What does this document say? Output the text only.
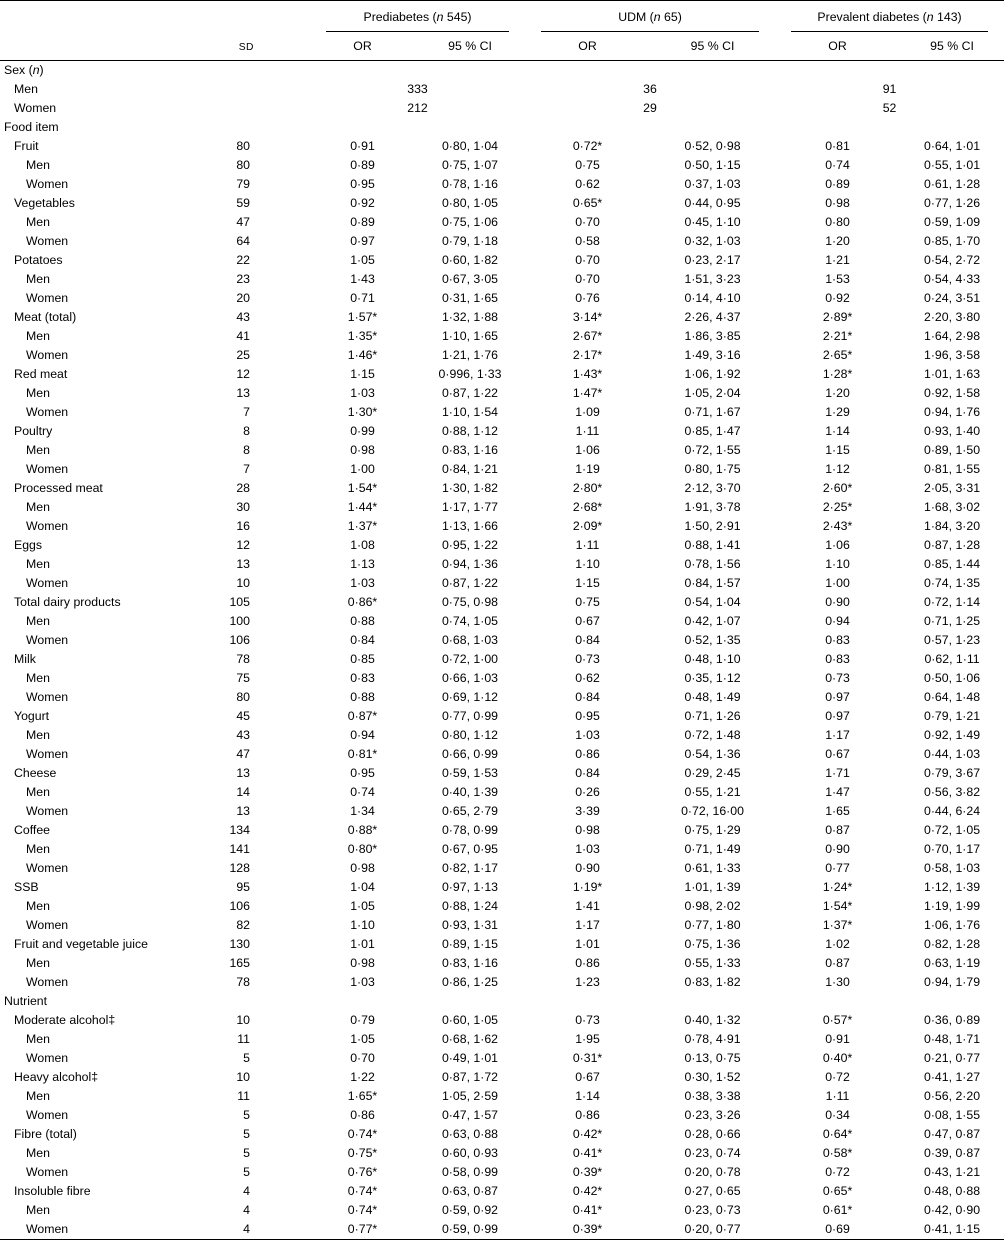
		Prediabetes (n 545)		UDM (n 65)		Prevalent diabetes (n 143)	

	SD	OR	95 % CI	OR	95 % CI	OR	95 % CI
Sex (n)							
Men		333		36		91	
Women		212		29		52	
Food item							
Fruit	80	0·91	0·80, 1·04	0·72*	0·52, 0·98	0·81	0·64, 1·01
Men	80	0·89	0·75, 1·07	0·75	0·50, 1·15	0·74	0·55, 1·01
Women	79	0·95	0·78, 1·16	0·62	0·37, 1·03	0·89	0·61, 1·28
Vegetables	59	0·92	0·80, 1·05	0·65*	0·44, 0·95	0·98	0·77, 1·26
Men	47	0·89	0·75, 1·06	0·70	0·45, 1·10	0·80	0·59, 1·09
Women	64	0·97	0·79, 1·18	0·58	0·32, 1·03	1·20	0·85, 1·70
Potatoes	22	1·05	0·60, 1·82	0·70	0·23, 2·17	1·21	0·54, 2·72
Men	23	1·43	0·67, 3·05	0·70	1·51, 3·23	1·53	0·54, 4·33
Women	20	0·71	0·31, 1·65	0·76	0·14, 4·10	0·92	0·24, 3·51
Meat (total)	43	1·57*	1·32, 1·88	3·14*	2·26, 4·37	2·89*	2·20, 3·80
Men	41	1·35*	1·10, 1·65	2·67*	1·86, 3·85	2·21*	1·64, 2·98
Women	25	1·46*	1·21, 1·76	2·17*	1·49, 3·16	2·65*	1·96, 3·58
Red meat	12	1·15	0·996, 1·33	1·43*	1·06, 1·92	1·28*	1·01, 1·63
Men	13	1·03	0·87, 1·22	1·47*	1·05, 2·04	1·20	0·92, 1·58
Women	7	1·30*	1·10, 1·54	1·09	0·71, 1·67	1·29	0·94, 1·76
Poultry	8	0·99	0·88, 1·12	1·11	0·85, 1·47	1·14	0·93, 1·40
Men	8	0·98	0·83, 1·16	1·06	0·72, 1·55	1·15	0·89, 1·50
Women	7	1·00	0·84, 1·21	1·19	0·80, 1·75	1·12	0·81, 1·55
Processed meat	28	1·54*	1·30, 1·82	2·80*	2·12, 3·70	2·60*	2·05, 3·31
Men	30	1·44*	1·17, 1·77	2·68*	1·91, 3·78	2·25*	1·68, 3·02
Women	16	1·37*	1·13, 1·66	2·09*	1·50, 2·91	2·43*	1·84, 3·20
Eggs	12	1·08	0·95, 1·22	1·11	0·88, 1·41	1·06	0·87, 1·28
Men	13	1·13	0·94, 1·36	1·10	0·78, 1·56	1·10	0·85, 1·44
Women	10	1·03	0·87, 1·22	1·15	0·84, 1·57	1·00	0·74, 1·35
Total dairy products	105	0·86*	0·75, 0·98	0·75	0·54, 1·04	0·90	0·72, 1·14
Men	100	0·88	0·74, 1·05	0·67	0·42, 1·07	0·94	0·71, 1·25
Women	106	0·84	0·68, 1·03	0·84	0·52, 1·35	0·83	0·57, 1·23
Milk	78	0·85	0·72, 1·00	0·73	0·48, 1·10	0·83	0·62, 1·11
Men	75	0·83	0·66, 1·03	0·62	0·35, 1·12	0·73	0·50, 1·06
Women	80	0·88	0·69, 1·12	0·84	0·48, 1·49	0·97	0·64, 1·48
Yogurt	45	0·87*	0·77, 0·99	0·95	0·71, 1·26	0·97	0·79, 1·21
Men	43	0·94	0·80, 1·12	1·03	0·72, 1·48	1·17	0·92, 1·49
Women	47	0·81*	0·66, 0·99	0·86	0·54, 1·36	0·67	0·44, 1·03
Cheese	13	0·95	0·59, 1·53	0·84	0·29, 2·45	1·71	0·79, 3·67
Men	14	0·74	0·40, 1·39	0·26	0·55, 1·21	1·47	0·56, 3·82
Women	13	1·34	0·65, 2·79	3·39	0·72, 16·00	1·65	0·44, 6·24
Coffee	134	0·88*	0·78, 0·99	0·98	0·75, 1·29	0·87	0·72, 1·05
Men	141	0·80*	0·67, 0·95	1·03	0·71, 1·49	0·90	0·70, 1·17
Women	128	0·98	0·82, 1·17	0·90	0·61, 1·33	0·77	0·58, 1·03
SSB	95	1·04	0·97, 1·13	1·19*	1·01, 1·39	1·24*	1·12, 1·39
Men	106	1·05	0·88, 1·24	1·41	0·98, 2·02	1·54*	1·19, 1·99
Women	82	1·10	0·93, 1·31	1·17	0·77, 1·80	1·37*	1·06, 1·76
Fruit and vegetable juice	130	1·01	0·89, 1·15	1·01	0·75, 1·36	1·02	0·82, 1·28
Men	165	0·98	0·83, 1·16	0·86	0·55, 1·33	0·87	0·63, 1·19
Women	78	1·03	0·86, 1·25	1·23	0·83, 1·82	1·30	0·94, 1·79
Nutrient							
Moderate alcohol‡	10	0·79	0·60, 1·05	0·73	0·40, 1·32	0·57*	0·36, 0·89
Men	11	1·05	0·68, 1·62	1·95	0·78, 4·91	0·91	0·48, 1·71
Women	5	0·70	0·49, 1·01	0·31*	0·13, 0·75	0·40*	0·21, 0·77
Heavy alcohol‡	10	1·22	0·87, 1·72	0·67	0·30, 1·52	0·72	0·41, 1·27
Men	11	1·65*	1·05, 2·59	1·14	0·38, 3·38	1·11	0·56, 2·20
Women	5	0·86	0·47, 1·57	0·86	0·23, 3·26	0·34	0·08, 1·55
Fibre (total)	5	0·74*	0·63, 0·88	0·42*	0·28, 0·66	0·64*	0·47, 0·87
Men	5	0·75*	0·60, 0·93	0·41*	0·23, 0·74	0·58*	0·39, 0·87
Women	5	0·76*	0·58, 0·99	0·39*	0·20, 0·78	0·72	0·43, 1·21
Insoluble fibre	4	0·74*	0·63, 0·87	0·42*	0·27, 0·65	0·65*	0·48, 0·88
Men	4	0·74*	0·59, 0·92	0·41*	0·23, 0·73	0·61*	0·42, 0·90
Women	4	0·77*	0·59, 0·99	0·39*	0·20, 0·77	0·69	0·41, 1·15
